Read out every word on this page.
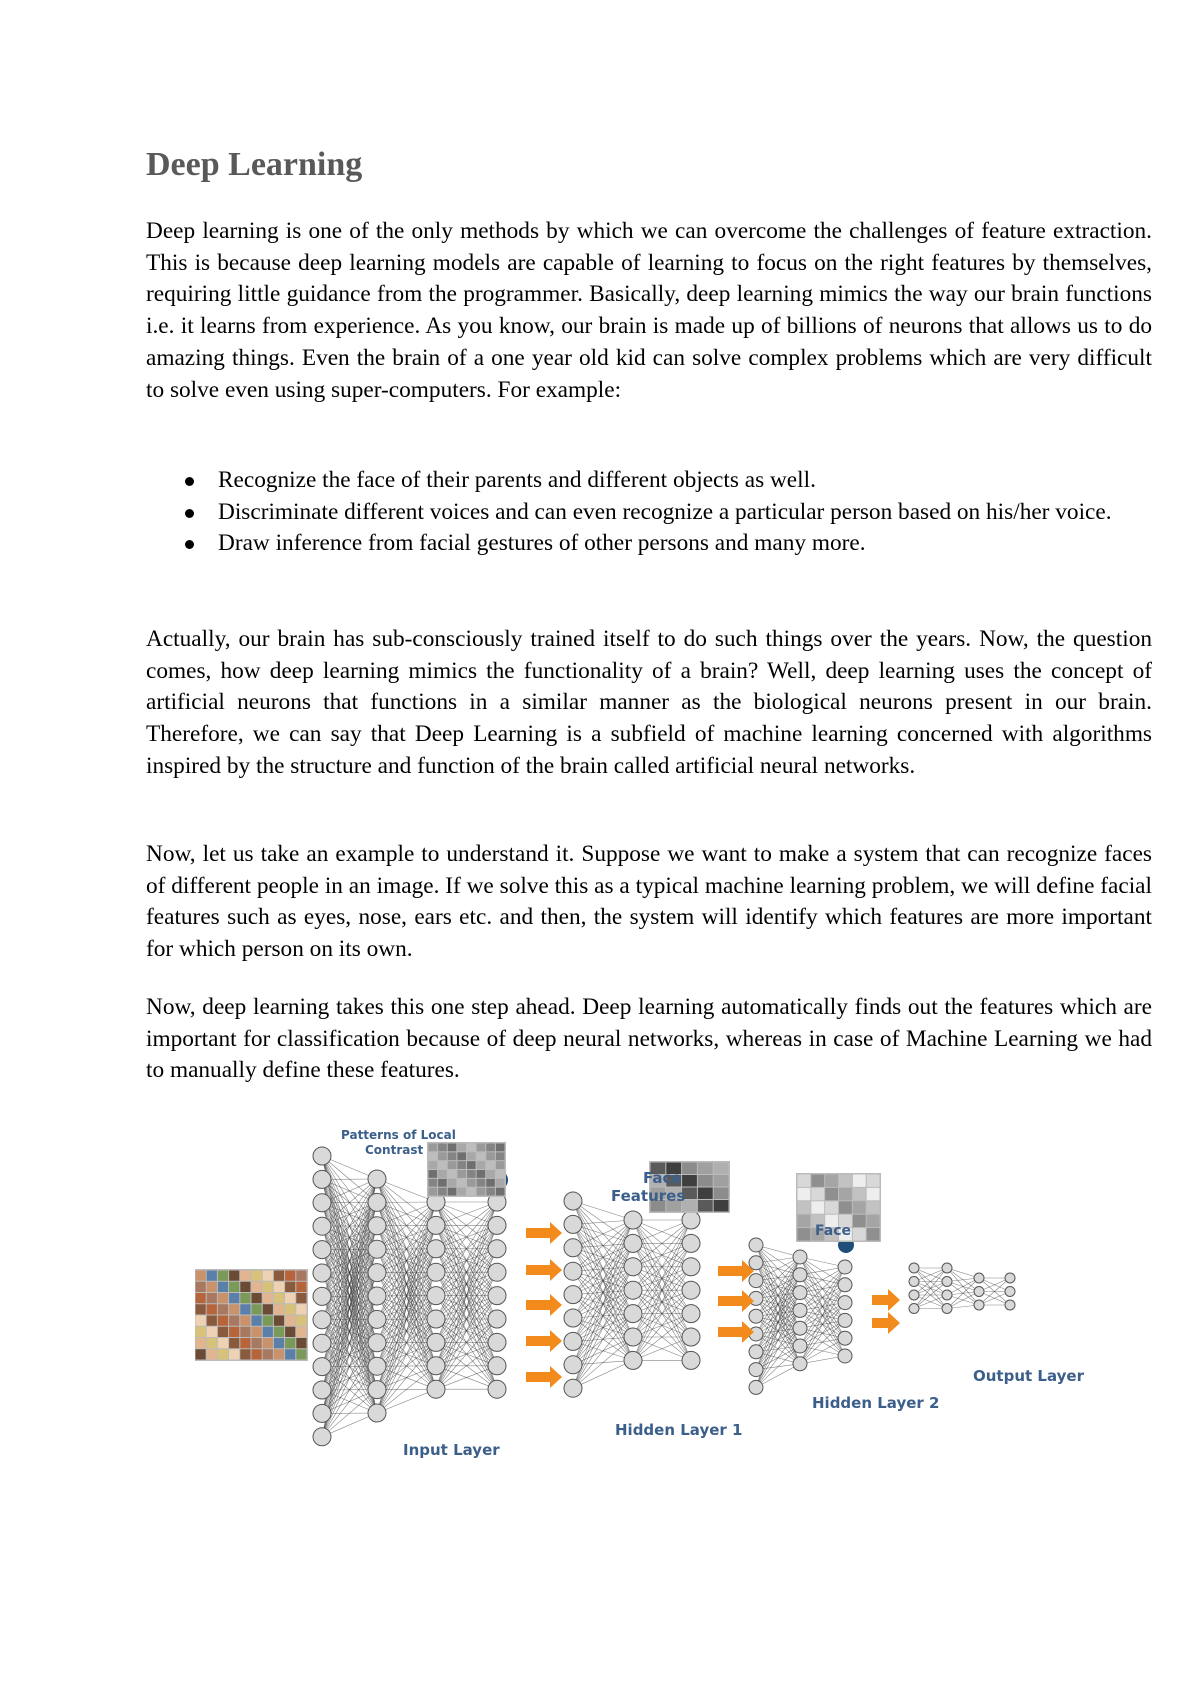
Deep Learning

Deep learning is one of the only methods by which we can overcome the challenges of feature extraction. This is because deep learning models are capable of learning to focus on the right features by themselves, requiring little guidance from the programmer. Basically, deep learning mimics the way our brain functions i.e. it learns from experience. As you know, our brain is made up of billions of neurons that allows us to do amazing things. Even the brain of a one year old kid can solve complex problems which are very difficult to solve even using super-computers. For example:

Recognize the face of their parents and different objects as well.
Discriminate different voices and can even recognize a particular person based on his/her voice.
Draw inference from facial gestures of other persons and many more.

Actually, our brain has sub-consciously trained itself to do such things over the years. Now, the question comes, how deep learning mimics the functionality of a brain? Well, deep learning uses the concept of artificial neurons that functions in a similar manner as the biological neurons present in our brain. Therefore, we can say that Deep Learning is a subfield of machine learning concerned with algorithms inspired by the structure and function of the brain called artificial neural networks.

Now, let us take an example to understand it. Suppose we want to make a system that can recognize faces of different people in an image. If we solve this as a typical machine learning problem, we will define facial features such as eyes, nose, ears etc. and then, the system will identify which features are more important for which person on its own.

Now, deep learning takes this one step ahead. Deep learning automatically finds out the features which are important for classification because of deep neural networks, whereas in case of Machine Learning we had to manually define these features.

Patterns of Local
Contrast
Face
Features
Face
Input Layer
Hidden Layer 1
Hidden Layer 2
Output Layer
